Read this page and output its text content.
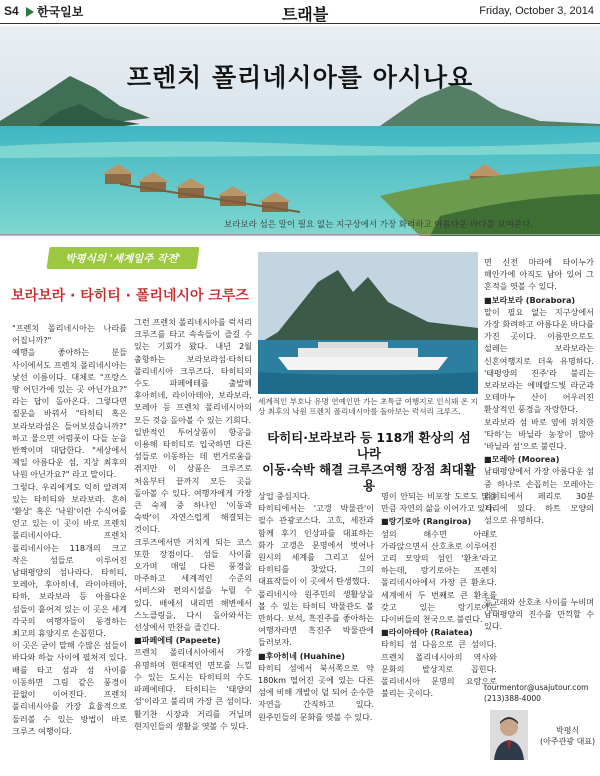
S4 한국일보	트래블	Friday, October 3, 2014
프렌치 폴리네시아를 아시나요
보라보라 섬은 말이 필요 없는 지구상에서 가장 화려하고 아름다운 바다를 보여준다.
박평식의 '세계일주 작전'
보라보라 · 타히티 · 폴리네시아 크루즈

"프렌치 폴리네시아는 나라를 어집니까?"

예행을 좋아하는 분들 사이에서도 프렌치 폴리네시아는 낯선 이름이다. 대체로 "프랑스 땅 어딘가에 있는 곳 아닌가요?" 라는 답이 돌아온다. 그렇다면 질문을 바꿔서 "타히티 혹은 보라보라섬은 들어보셨습니까?" 하고 물으면 어렴풋이 다들 눈을 반짝이며 대답한다. "세상에서 제일 아름다운 섬, 지상 최후의 낙원 아닌가요?" 라고 말이다.

그렇다. 우리에게도 익히 알려져 있는 타히티와 보라보라. 흔히 '환상' 혹은 '낙원'이란 수식어를 얻고 있는 이 곳이 바로 프렌치 폴리네시아다. 프렌치 폴리네시아는 118개의 크고 작은 섬들로 이루어진 남태평양의 섬나라다. 타히티, 모레아, 후아히네, 라이아테아, 타하, 보라보라 등 아름다운 섬들이 흩어져 있는 이 곳은 세계 각국의 여행자들이 동경하는 최고의 휴양지로 손꼽힌다.

이 곳은 굳이 말해 수많은 섬들이 바다와 하늘 사이에 펼쳐져 있다. 배를 타고 섬과 섬 사이를 이동하면 그림 같은 풍경이 끝없이 이어진다. 프렌치 폴리네시아를 가장 효율적으로 둘러볼 수 있는 방법이 바로 크루즈 여행이다.

그런 프렌치 폴리네시아를 럭셔리 크루즈를 타고 속속들이 즐길 수 있는 기회가 왔다. 내년 2월 출항하는 보라보라섬·타히티 폴리네시아 크루즈다. 타히티의 수도 파페에테를 출발해 후아히네, 라이아테아, 보라보라, 모레아 등 프렌치 폴리네시아의 모든 것을 돌아볼 수 있는 기회다.

일반적인 투어상품이 항공을 이용해 타히티로 입국하면 다른 섬들로 이동하는 데 번거로움을 겪지만 이 상품은 크루즈로 처음부터 끝까지 모든 곳을 돌아볼 수 있다. 여행자에게 가장 큰 숙제 중 하나인 '이동과 숙박'이 자연스럽게 해결되는 것이다.

크루즈에서만 거치게 되는 코스 또한 장점이다. 섬들 사이를 오가며 매일 다른 풍경을 마주하고 세계적인 수준의 서비스와 편의시설을 누릴 수 있다. 배에서 내리면 해변에서 스노클링을, 다시 돌아와서는 선상에서 만찬을 즐긴다.

■파페에테 (Papeete)

프렌치 폴리네시아에서 가장 유명하며 현대적인 면모를 느낄 수 있는 도시는 타히티의 수도 파페에테다. 타히티는 '태양의 섬'이라고 불리며 가장 큰 섬이다. 활기찬 시장과 거리를 거닐며 현지인들의 생활을 엿볼 수 있다.

세계적인 부호나 유명 연예인만 가는 초특급 여행지로 인식돼 온 지상 최후의 낙원 프렌치 폴리네시아를 돌아보는 럭셔리 크루즈.
타히티·보라보라 등 118개 환상의 섬나라
이동·숙박 해결 크루즈여행 장점 최대활용

상업 중심지다.

타히티에서는 '고갱 박물관'이 필수 관광코스다. 고흐, 세잔과 함께 후기 인상파를 대표하는 화가 고갱은 문명에서 벗어나 원시의 세계를 그리고 싶어 타히티를 찾았다. 그의 대표작들이 이 곳에서 탄생했다.

폴리네시아 원주민의 생활상을 볼 수 있는 타히티 박물관도 볼 만하다. 보석, 흑진주를 좋아하는 여행자라면 흑진주 박물관에 들러보자.

■후아히네 (Huahine)

타히티 섬에서 북서쪽으로 약 180km 떨어진 곳에 있는 다른 섬에 비해 개발이 덜 되어 순수한 자연을 간직하고 있다. 원주민들의 문화를 엿볼 수 있다.

명이 안되는 비포장 도로도 많을 만큼 자연의 삶을 이어가고 있다.

■랑기로아 (Rangiroa)

섬의 해수면 아래로 가라앉으면서 산호초로 이루어진 고리 모양의 섬인 '환초'라고 하는데, 랑기로아는 프렌치 폴리네시아에서 가장 큰 환초다. 세계에서 두 번째로 큰 환초를 갖고 있는 랑기로아는 다이버들의 천국으로 불린다.

■라이아테아 (Raiatea)

타히티 섬 다음으로 큰 섬이다. 프렌치 폴리네시아의 역사와 문화의 발상지로 꼽힌다. 폴리네시아 문명의 요람으로 불리는 곳이다.

면 신전 마라에 타이누가 해안가에 아직도 남아 있어 그 흔적을 엿볼 수 있다.

■보라보라 (Borabora)

말이 필요 없는 지구상에서 가장 화려하고 아름다운 바다를 가진 곳이다. 이름만으로도 설레는 보라보라는 신혼여행지로 더욱 유명하다. '태평양의 진주'라 불리는 보라보라는 에메랄드빛 라군과 오테마누 산이 어우러진 환상적인 풍경을 자랑한다.

보라보라 섬 바로 옆에 위치한 '타하'는 바닐라 농장이 많아 '바닐라 섬'으로 불린다.

■모레아 (Moorea)

남태평양에서 가장 아름다운 섬 중 하나로 손꼽히는 모레아는 타히티에서 페리로 30분 거리에 있다. 하트 모양의 섬으로 유명하다.

돌고래와 산호초 사이를 누비며 남태평양의 진수를 만끽할 수 있다.

tourmentor@usajutour.com
(213)388-4000
박평식
(아주관광 대표)
